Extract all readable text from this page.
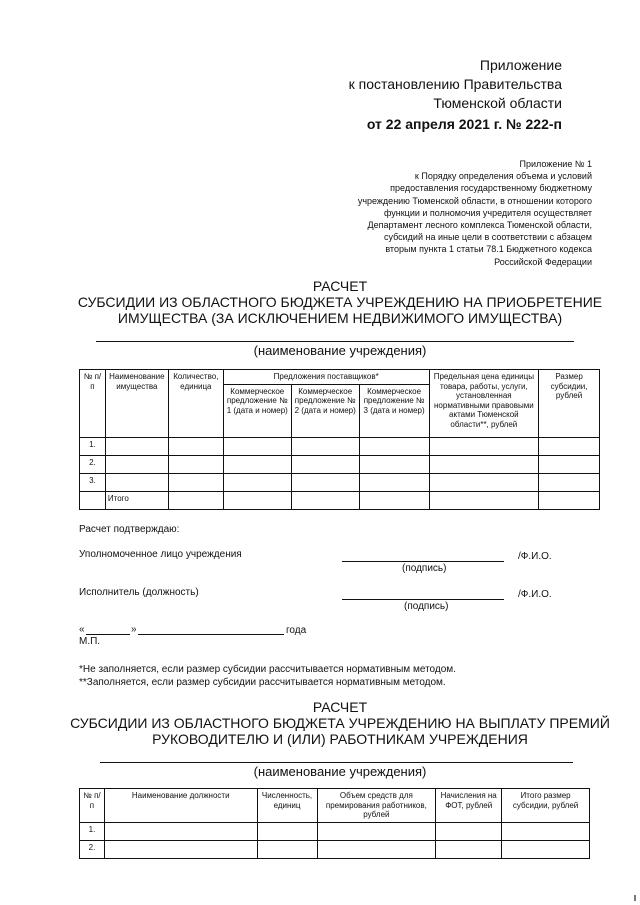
Приложение
к постановлению Правительства
Тюменской области
от 22 апреля 2021 г. № 222-п
Приложение № 1
к Порядку определения объема и условий
предоставления государственному бюджетному
учреждению Тюменской области, в отношении которого
функции и полномочия учредителя осуществляет
Департамент лесного комплекса Тюменской области,
субсидий на иные цели в соответствии с абзацем
вторым пункта 1 статьи 78.1 Бюджетного кодекса
Российской Федерации
РАСЧЕТ
СУБСИДИИ ИЗ ОБЛАСТНОГО БЮДЖЕТА УЧРЕЖДЕНИЮ НА ПРИОБРЕТЕНИЕ
ИМУЩЕСТВА (ЗА ИСКЛЮЧЕНИЕМ НЕДВИЖИМОГО ИМУЩЕСТВА)
(наименование учреждения)
№ п/п	Наименование имущества	Количество, единица	Предложения поставщиков*			Предельная цена единицы товара, работы, услуги, установленная нормативными правовыми актами Тюменской области**, рублей	Размер субсидии, рублей
			Коммерческое предложение № 1 (дата и номер)	Коммерческое предложение № 2 (дата и номер)	Коммерческое предложение № 3 (дата и номер)		
1.							
2.							
3.							
	Итого						
Расчет подтверждаю:
Уполномоченное лицо учреждения	/Ф.И.О.
(подпись)
Исполнитель (должность)	/Ф.И.О.
(подпись)
«	»	года
М.П.
*Не заполняется, если размер субсидии рассчитывается нормативным методом.
**Заполняется, если размер субсидии рассчитывается нормативным методом.
РАСЧЕТ
СУБСИДИИ ИЗ ОБЛАСТНОГО БЮДЖЕТА УЧРЕЖДЕНИЮ НА ВЫПЛАТУ ПРЕМИЙ
РУКОВОДИТЕЛЮ И (ИЛИ) РАБОТНИКАМ УЧРЕЖДЕНИЯ
(наименование учреждения)
№ п/п	Наименование должности	Численность, единиц	Объем средств для премирования работников, рублей	Начисления на ФОТ, рублей	Итого размер субсидии, рублей
1.					
2.					
